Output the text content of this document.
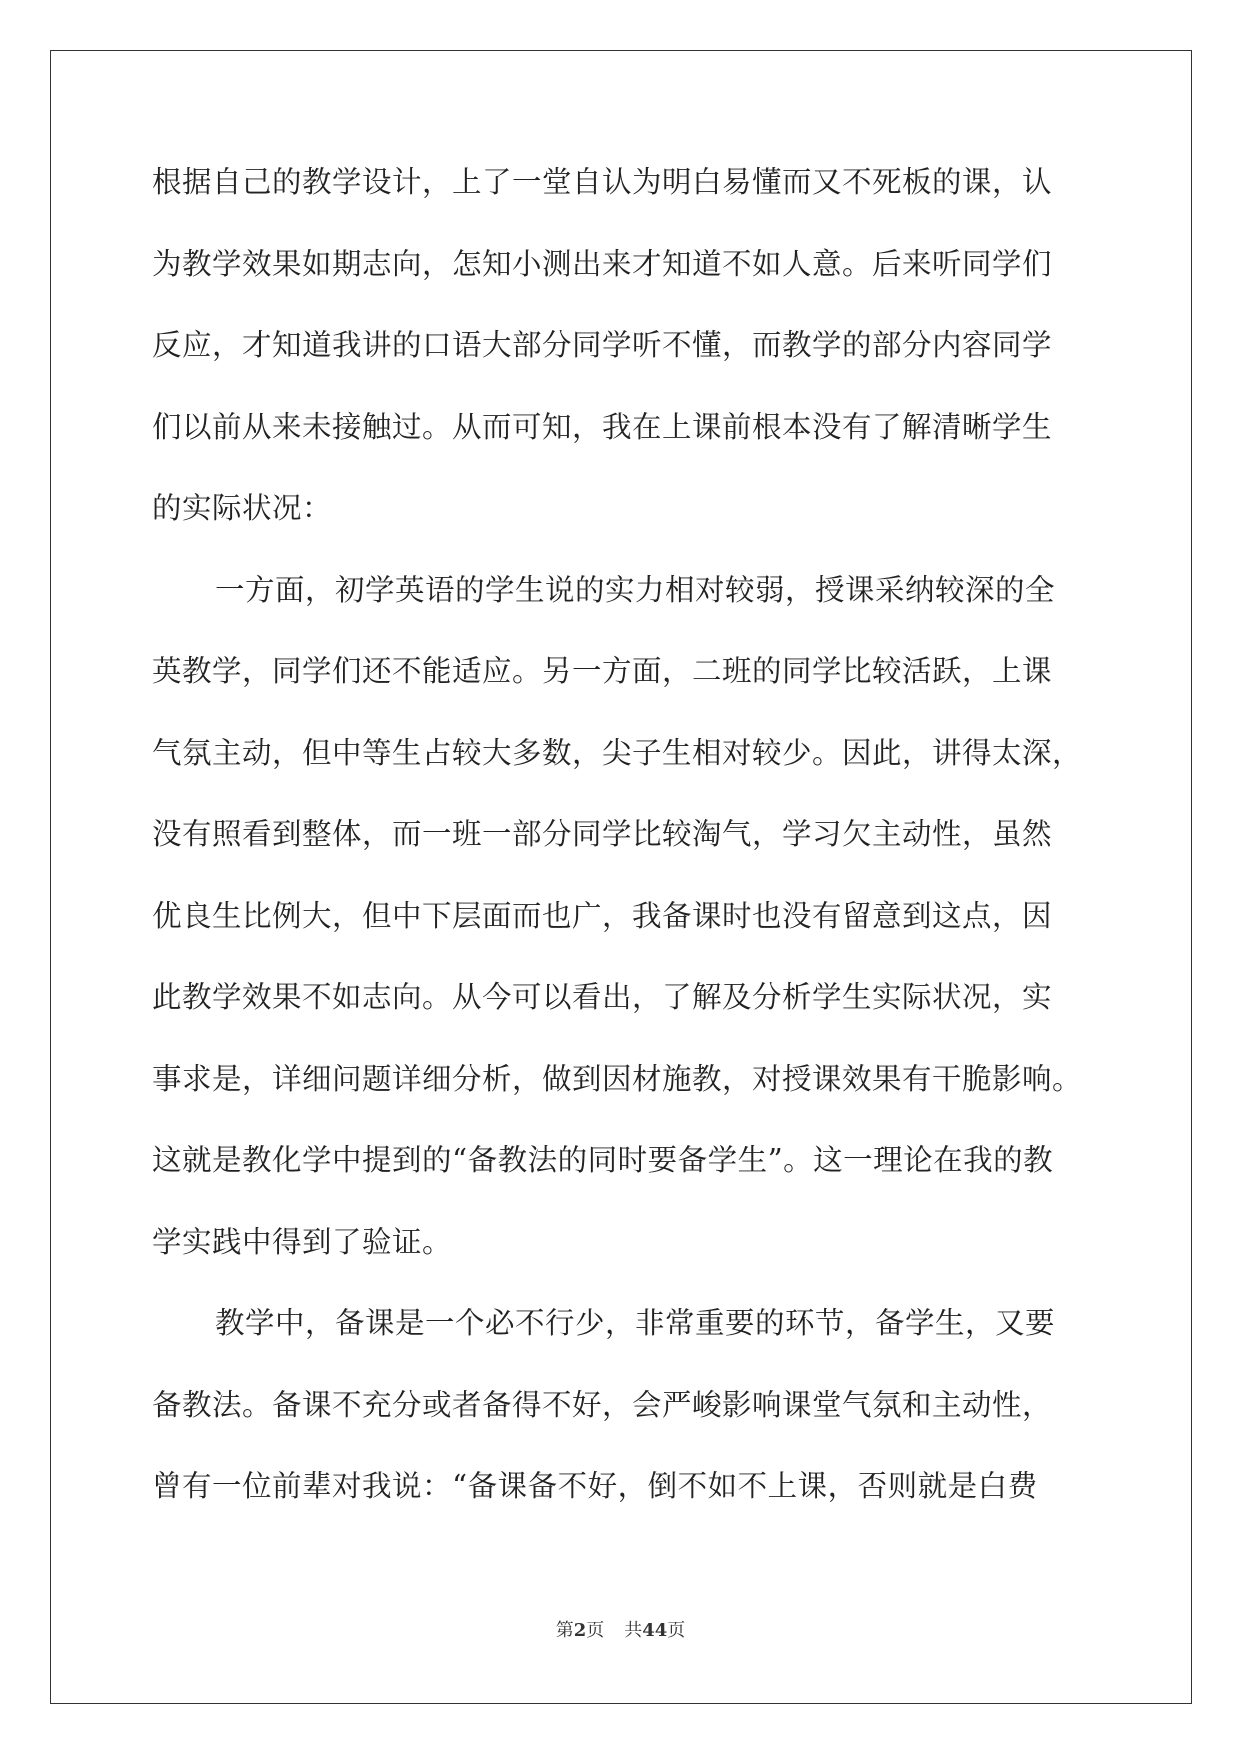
根据自己的教学设计，上了一堂自认为明白易懂而又不死板的课，认
为教学效果如期志向，怎知小测出来才知道不如人意。后来听同学们
反应，才知道我讲的口语大部分同学听不懂，而教学的部分内容同学
们以前从来未接触过。从而可知，我在上课前根本没有了解清晰学生
的实际状况：
一方面，初学英语的学生说的实力相对较弱，授课采纳较深的全
英教学，同学们还不能适应。另一方面，二班的同学比较活跃，上课
气氛主动，但中等生占较大多数，尖子生相对较少。因此，讲得太深，
没有照看到整体，而一班一部分同学比较淘气，学习欠主动性，虽然
优良生比例大，但中下层面而也广，我备课时也没有留意到这点，因
此教学效果不如志向。从今可以看出，了解及分析学生实际状况，实
事求是，详细问题详细分析，做到因材施教，对授课效果有干脆影响。
这就是教化学中提到的“备教法的同时要备学生”。这一理论在我的教
学实践中得到了验证。
教学中，备课是一个必不行少，非常重要的环节，备学生，又要
备教法。备课不充分或者备得不好，会严峻影响课堂气氛和主动性，
曾有一位前辈对我说：“备课备不好，倒不如不上课，否则就是白费
第2页 共44页
